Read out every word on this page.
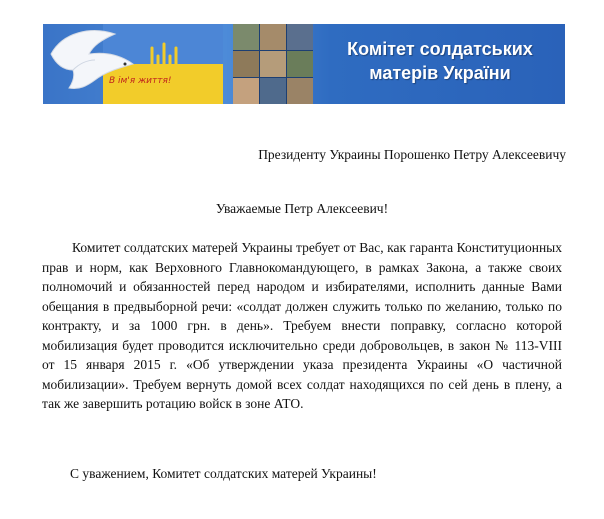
В ім'я життя!
Комітет солдатських матерів України
Президенту Украины Порошенко Петру Алексеевичу
Уважаемые Петр Алексеевич!

Комитет солдатских матерей Украины требует от Вас, как гаранта Конституционных прав и норм, как Верховного Главнокомандующего, в рамках Закона, а также своих полномочий и обязанностей перед народом и избирателями, исполнить данные Вами обещания в предвыборной речи: «солдат должен служить только по желанию, только по контракту, и за 1000 грн. в день». Требуем внести поправку, согласно которой мобилизация будет проводится исключительно среди добровольцев, в закон № 113-VIII от 15 января 2015 г. «Об утверждении указа президента Украины «О частичной мобилизации». Требуем вернуть домой всех солдат находящихся по сей день в плену, а так же завершить ротацию войск в зоне АТО.

С уважением, Комитет солдатских матерей Украины!
